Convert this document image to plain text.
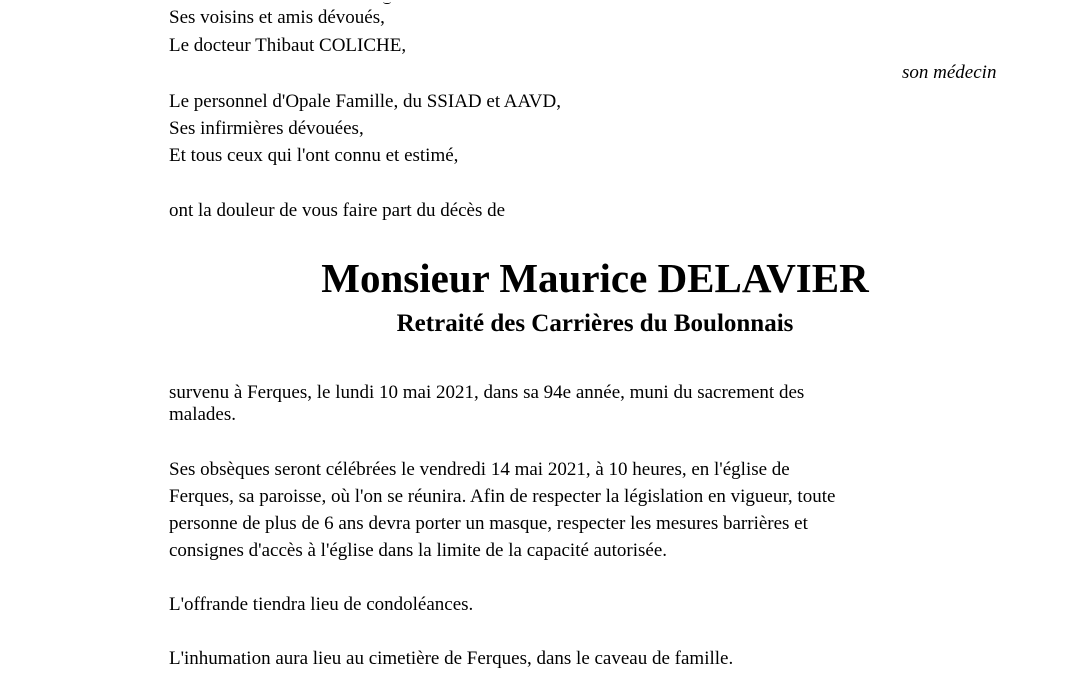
Ses voisins et amis dévoués,
Le docteur Thibaut COLICHE,
son médecin
Le personnel d'Opale Famille, du SSIAD et AAVD,
Ses infirmières dévouées,
Et tous ceux qui l'ont connu et estimé,
ont la douleur de vous faire part du décès de
Monsieur Maurice DELAVIER
Retraité des Carrières du Boulonnais
survenu à Ferques, le lundi 10 mai 2021, dans sa 94e année, muni du sacrement des
malades.
Ses obsèques seront célébrées le vendredi 14 mai 2021, à 10 heures, en l'église de
Ferques, sa paroisse, où l'on se réunira. Afin de respecter la législation en vigueur, toute
personne de plus de 6 ans devra porter un masque, respecter les mesures barrières et
consignes d'accès à l'église dans la limite de la capacité autorisée.
L'offrande tiendra lieu de condoléances.
L'inhumation aura lieu au cimetière de Ferques, dans le caveau de famille.
